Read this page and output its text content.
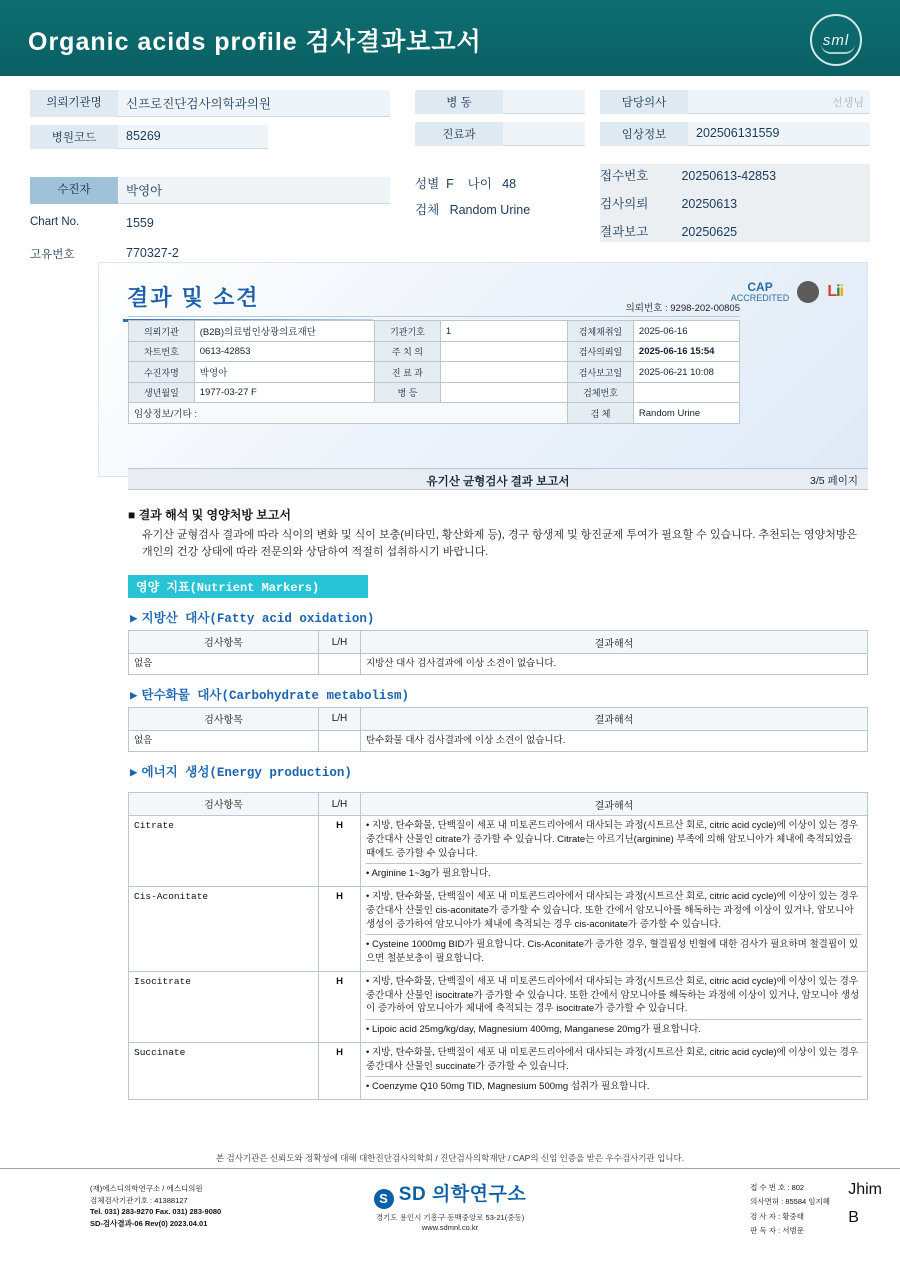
Organic acids profile 검사결과보고서	sml
의뢰기관명	신프로진단검사의학과의원
병원코드	85269
수진자	박영아
Chart No.	1559
고유번호	770327-2
병 동
진료과
성별 F 나이 48
검체 Random Urine
담당의사	선생님
임상정보	202506131559
접수번호	20250613-42853
검사의뢰	20250613
결과보고	20250625
결과 및 소견	CAP
ACCREDITED Lii
의뢰번호 : 9298-202-00805
의뢰기관	(B2B)의료법인상광의료재단	기관기호	1	검체채취일	2025-06-16
차트번호	0613-42853	주 치 의		검사의뢰일	2025-06-16 15:54
수진자명	박영아	진 료 과		검사보고일	2025-06-21 10:08
생년월일	1977-03-27 F	병 등		검체번호	
임상정보/기타 :				검 체	Random Urine
유기산 균형검사 결과 보고서	3/5 페이지
■ 결과 해석 및 영양처방 보고서
유기산 균형검사 결과에 따라 식이의 변화 및 식이 보충(비타민, 황산화제 등), 경구 항생제 및 항진균제 투여가 필요할 수 있습니다. 추천되는 영양처방은 개인의 건강 상태에 따라 전문의와 상담하여 적절히 섭취하시기 바랍니다.
영양 지표(Nutrient Markers)
▶ 지방산 대사(Fatty acid oxidation)
검사항목	L/H	결과해석
없음		지방산 대사 검사결과에 이상 소견이 없습니다.
▶ 탄수화물 대사(Carbohydrate metabolism)
검사항목	L/H	결과해석
없음		탄수화물 대사 검사결과에 이상 소견이 없습니다.
▶ 에너지 생성(Energy production)
검사항목	L/H	결과해석
Citrate	H	• 지방, 탄수화물, 단백질이 세포 내 미토콘드리아에서 대사되는 과정(시트르산 회로, citric acid cycle)에 이상이 있는 경우 중간대사 산물인 citrate가 증가할 수 있습니다. Citrate는 아르기닌(arginine) 부족에 의해 암모니아가 체내에 축적되었을 때에도 증가할 수 있습니다.

• Arginine 1~3g가 필요합니다.

Cis-Aconitate	H	• 지방, 탄수화물, 단백질이 세포 내 미토콘드리아에서 대사되는 과정(시트르산 회로, citric acid cycle)에 이상이 있는 경우 중간대사 산물인 cis-aconitate가 증가할 수 있습니다. 또한 간에서 암모니아를 해독하는 과정에 이상이 있거나, 암모니아 생성이 증가하여 암모니아가 체내에 축적되는 경우 cis-aconitate가 증가할 수 있습니다.

• Cysteine 1000mg BID가 필요합니다. Cis-Aconitate가 증가한 경우, 혈결핍성 빈혈에 대한 검사가 필요하며 철결핍이 있으면 철분보충이 필요합니다.

Isocitrate	H	• 지방, 탄수화물, 단백질이 세포 내 미토콘드리아에서 대사되는 과정(시트르산 회로, citric acid cycle)에 이상이 있는 경우 중간대사 산물인 isocitrate가 증가할 수 있습니다. 또한 간에서 암모니아를 해독하는 과정에 이상이 있거나, 암모니아 생성이 증가하여 암모니아가 체내에 축적되는 경우 isocitrate가 증가할 수 있습니다.

• Lipoic acid 25mg/kg/day, Magnesium 400mg, Manganese 20mg가 필요합니다.

Succinate	H	• 지방, 탄수화물, 단백질이 세포 내 미토콘드리아에서 대사되는 과정(시트르산 회로, citric acid cycle)에 이상이 있는 경우 중간대사 산물인 succinate가 증가할 수 있습니다.

• Coenzyme Q10 50mg TID, Magnesium 500mg 섭취가 필요합니다.

본 검사기관은 신뢰도와 정확성에 대해 대한진단검사의학회 / 진단검사의학재단 / CAP의 신임 인증을 받은 우수검사기관 입니다.
(재)에스디의학연구소 / 에스디의원
검체검사기관기호 : 41388127
Tel. 031) 283-9270 Fax. 031) 283-9080
SD-검사결과-06 Rev(0) 2023.04.01
S SD 의학연구소
경기도 용인시 기흥구 동백중앙로 53-21(중동)
www.sdmnl.co.kr
접 수 번 호 : 802
의사면허 : 85584 임지혜
검 사 자 : 황중태
판 독 자 : 서범문
Jhim
B
